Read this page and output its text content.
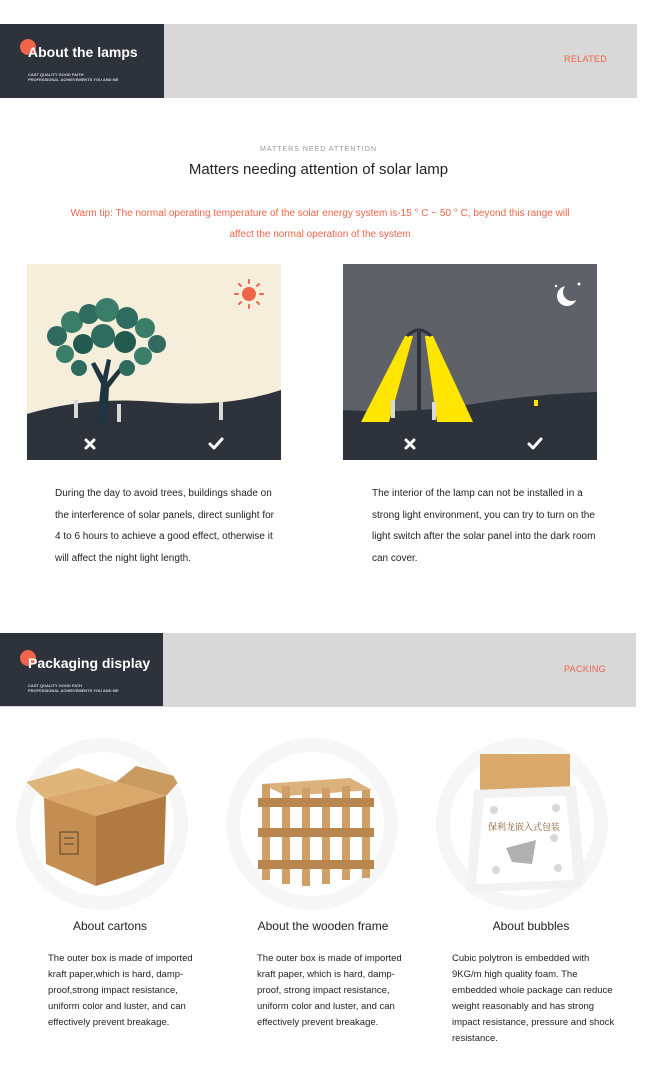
About the lamps
CAST QUALITY GOOD FAITH
PROFESSIONAL ACHIEVEMENTS YOU AND ME
RELATED
MATTERS NEED ATTENTION
Matters needing attention of solar lamp
Warm tip: The normal operating temperature of the solar energy system is-15 ° C ~ 50 ° C, beyond this range will affect the normal operation of the system
During the day to avoid trees, buildings shade on the interference of solar panels, direct sunlight for 4 to 6 hours to achieve a good effect, otherwise it will affect the night light length.
The interior of the lamp can not be installed in a strong light environment, you can try to turn on the light switch after the solar panel into the dark room can cover.
Packaging display
CAST QUALITY GOOD FATH
PROFESSIONAL ACHIEVEMENTS YOU AND ME
PACKING
保利龙嵌入式包装
About cartons	About the wooden frame	About bubbles
The outer box is made of imported kraft paper,which is hard, damp-proof,strong impact resistance, uniform color and luster, and can effectively prevent breakage.
The outer box is made of imported kraft paper, which is hard, damp-proof, strong impact resistance, uniform color and luster, and can effectively prevent breakage.
Cubic polytron is embedded with 9KG/m high quality foam. The embedded whole package can reduce weight reasonably and has strong impact resistance, pressure and shock resistance.
